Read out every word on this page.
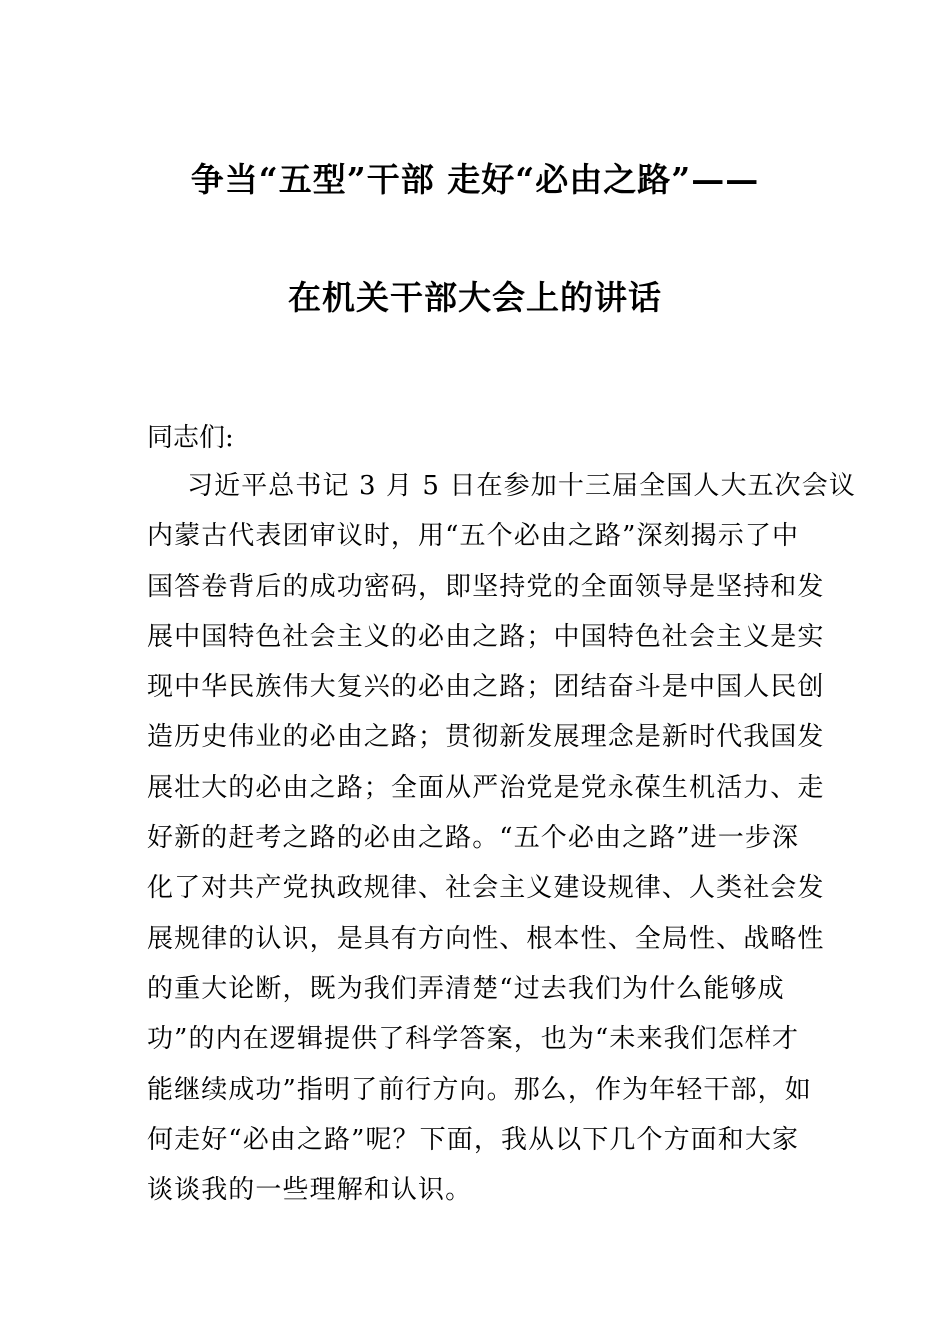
争当“五型”干部 走好“必由之路”——
在机关干部大会上的讲话
同志们:
习近平总书记 3 月 5 日在参加十三届全国人大五次会议
内蒙古代表团审议时，用“五个必由之路”深刻揭示了中
国答卷背后的成功密码，即坚持党的全面领导是坚持和发
展中国特色社会主义的必由之路；中国特色社会主义是实
现中华民族伟大复兴的必由之路；团结奋斗是中国人民创
造历史伟业的必由之路；贯彻新发展理念是新时代我国发
展壮大的必由之路；全面从严治党是党永葆生机活力、走
好新的赶考之路的必由之路。“五个必由之路”进一步深
化了对共产党执政规律、社会主义建设规律、人类社会发
展规律的认识，是具有方向性、根本性、全局性、战略性
的重大论断，既为我们弄清楚“过去我们为什么能够成
功”的内在逻辑提供了科学答案，也为“未来我们怎样才
能继续成功”指明了前行方向。那么，作为年轻干部，如
何走好“必由之路”呢？下面，我从以下几个方面和大家
谈谈我的一些理解和认识。
